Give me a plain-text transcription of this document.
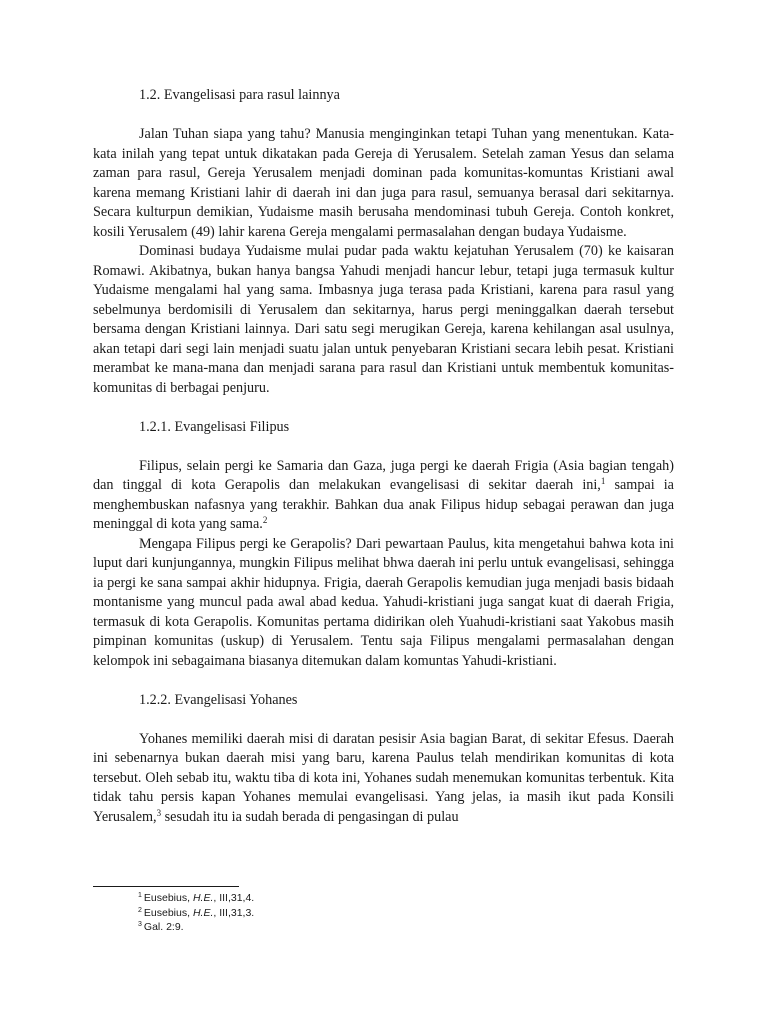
1.2. Evangelisasi para rasul lainnya

Jalan Tuhan siapa yang tahu? Manusia menginginkan tetapi Tuhan yang menentukan. Kata-kata inilah yang tepat untuk dikatakan pada Gereja di Yerusalem. Setelah zaman Yesus dan selama zaman para rasul, Gereja Yerusalem menjadi dominan pada komunitas-komuntas Kristiani awal karena memang Kristiani lahir di daerah ini dan juga para rasul, semuanya berasal dari sekitarnya. Secara kulturpun demikian, Yudaisme masih berusaha mendominasi tubuh Gereja. Contoh konkret, kosili Yerusalem (49) lahir karena Gereja mengalami permasalahan dengan budaya Yudaisme.

Dominasi budaya Yudaisme mulai pudar pada waktu kejatuhan Yerusalem (70) ke kaisaran Romawi. Akibatnya, bukan hanya bangsa Yahudi menjadi hancur lebur, tetapi juga termasuk kultur Yudaisme mengalami hal yang sama. Imbasnya juga terasa pada Kristiani, karena para rasul yang sebelmunya berdomisili di Yerusalem dan sekitarnya, harus pergi meninggalkan daerah tersebut bersama dengan Kristiani lainnya. Dari satu segi merugikan Gereja, karena kehilangan asal usulnya, akan tetapi dari segi lain menjadi suatu jalan untuk penyebaran Kristiani secara lebih pesat. Kristiani merambat ke mana-mana dan menjadi sarana para rasul dan Kristiani untuk membentuk komunitas-komunitas di berbagai penjuru.

1.2.1. Evangelisasi Filipus

Filipus, selain pergi ke Samaria dan Gaza, juga pergi ke daerah Frigia (Asia bagian tengah) dan tinggal di kota Gerapolis dan melakukan evangelisasi di sekitar daerah ini,$^1$ sampai ia menghembuskan nafasnya yang terakhir. Bahkan dua anak Filipus hidup sebagai perawan dan juga meninggal di kota yang sama.$^2$

Mengapa Filipus pergi ke Gerapolis? Dari pewartaan Paulus, kita mengetahui bahwa kota ini luput dari kunjungannya, mungkin Filipus melihat bhwa daerah ini perlu untuk evangelisasi, sehingga ia pergi ke sana sampai akhir hidupnya. Frigia, daerah Gerapolis kemudian juga menjadi basis bidaah montanisme yang muncul pada awal abad kedua. Yahudi-kristiani juga sangat kuat di daerah Frigia, termasuk di kota Gerapolis. Komunitas pertama didirikan oleh Yuahudi-kristiani saat Yakobus masih pimpinan komunitas (uskup) di Yerusalem. Tentu saja Filipus mengalami permasalahan dengan kelompok ini sebagaimana biasanya ditemukan dalam komuntas Yahudi-kristiani.

1.2.2. Evangelisasi Yohanes

Yohanes memiliki daerah misi di daratan pesisir Asia bagian Barat, di sekitar Efesus. Daerah ini sebenarnya bukan daerah misi yang baru, karena Paulus telah mendirikan komunitas di kota tersebut. Oleh sebab itu, waktu tiba di kota ini, Yohanes sudah menemukan komunitas terbentuk. Kita tidak tahu persis kapan Yohanes memulai evangelisasi. Yang jelas, ia masih ikut pada Konsili Yerusalem,$^3$ sesudah itu ia sudah berada di pengasingan di pulau

$^1$ Eusebius, H.E., III,31,4.

$^2$ Eusebius, H.E., III,31,3.

$^3$ Gal. 2:9.
